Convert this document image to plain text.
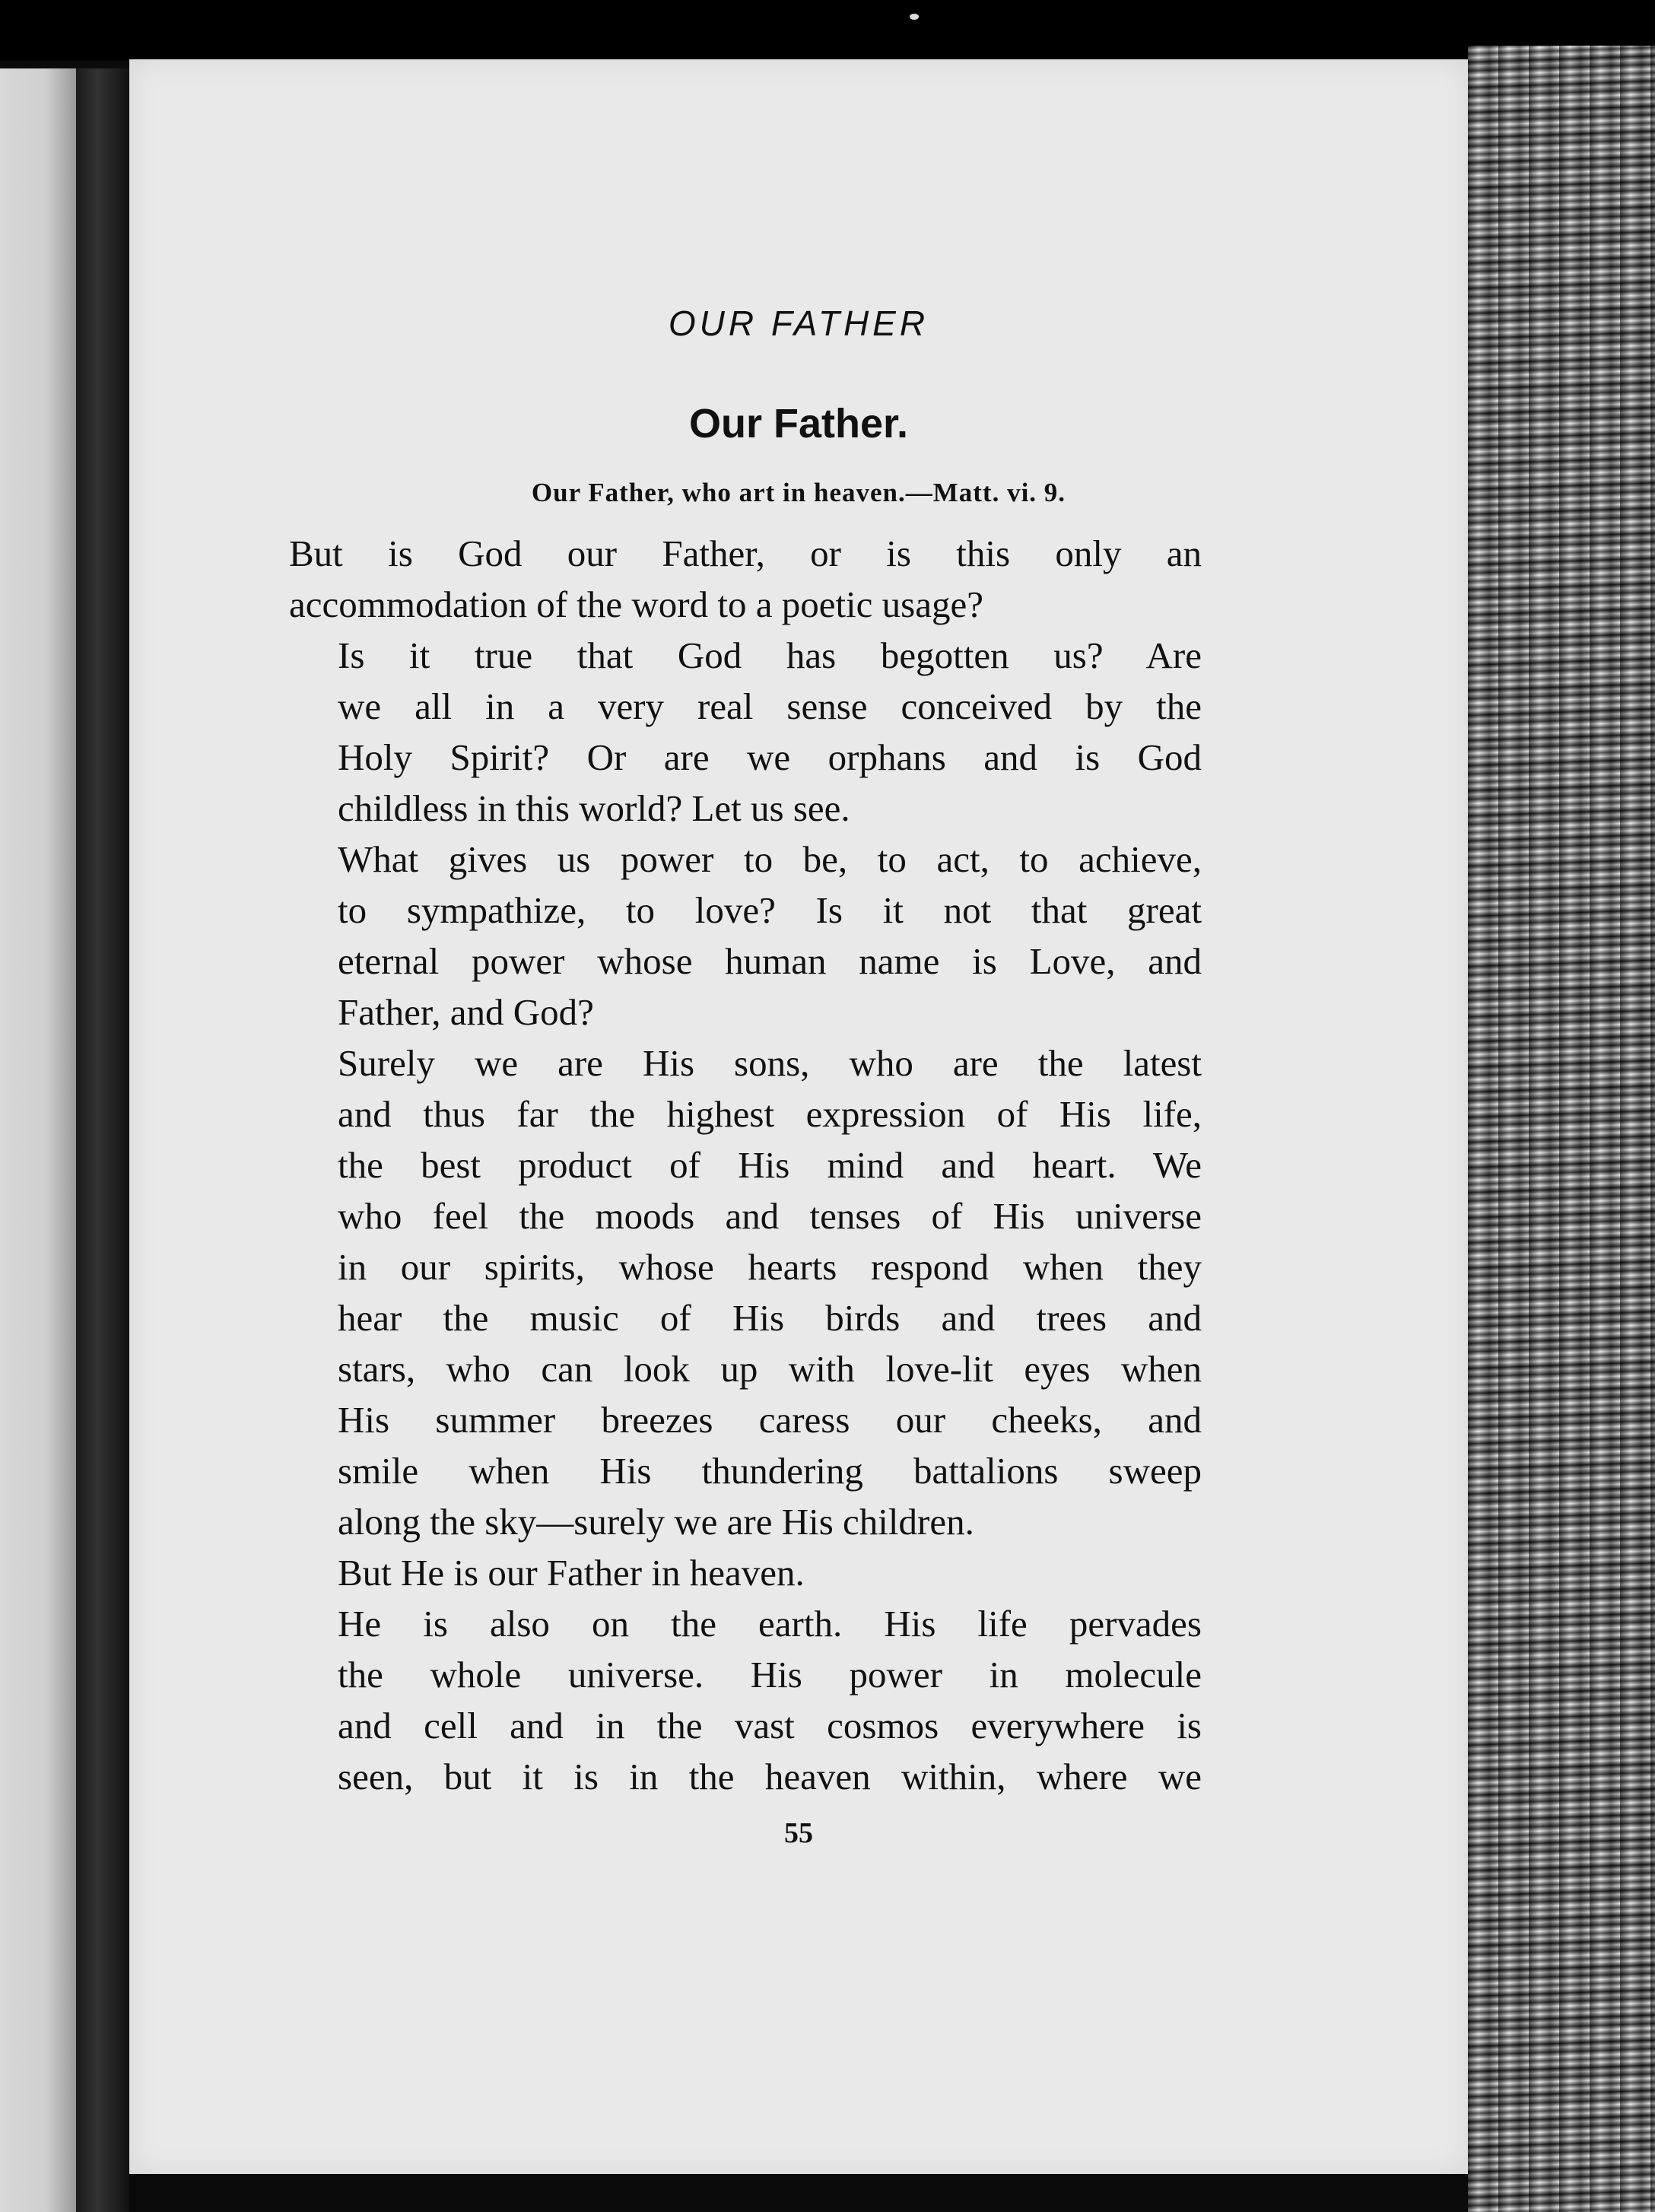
OUR FATHER
Our Father.
Our Father, who art in heaven.—Matt. vi. 9.

But is God our Father, or is this only an
accommodation of the word to a poetic usage?

Is it true that God has begotten us? Are
we all in a very real sense conceived by the
Holy Spirit? Or are we orphans and is God
childless in this world? Let us see.

What gives us power to be, to act, to achieve,
to sympathize, to love? Is it not that great
eternal power whose human name is Love, and
Father, and God?

Surely we are His sons, who are the latest
and thus far the highest expression of His life,
the best product of His mind and heart. We
who feel the moods and tenses of His universe
in our spirits, whose hearts respond when they
hear the music of His birds and trees and
stars, who can look up with love-lit eyes when
His summer breezes caress our cheeks, and
smile when His thundering battalions sweep
along the sky—surely we are His children.

But He is our Father in heaven.

He is also on the earth. His life pervades
the whole universe. His power in molecule
and cell and in the vast cosmos everywhere is
seen, but it is in the heaven within, where we

55
